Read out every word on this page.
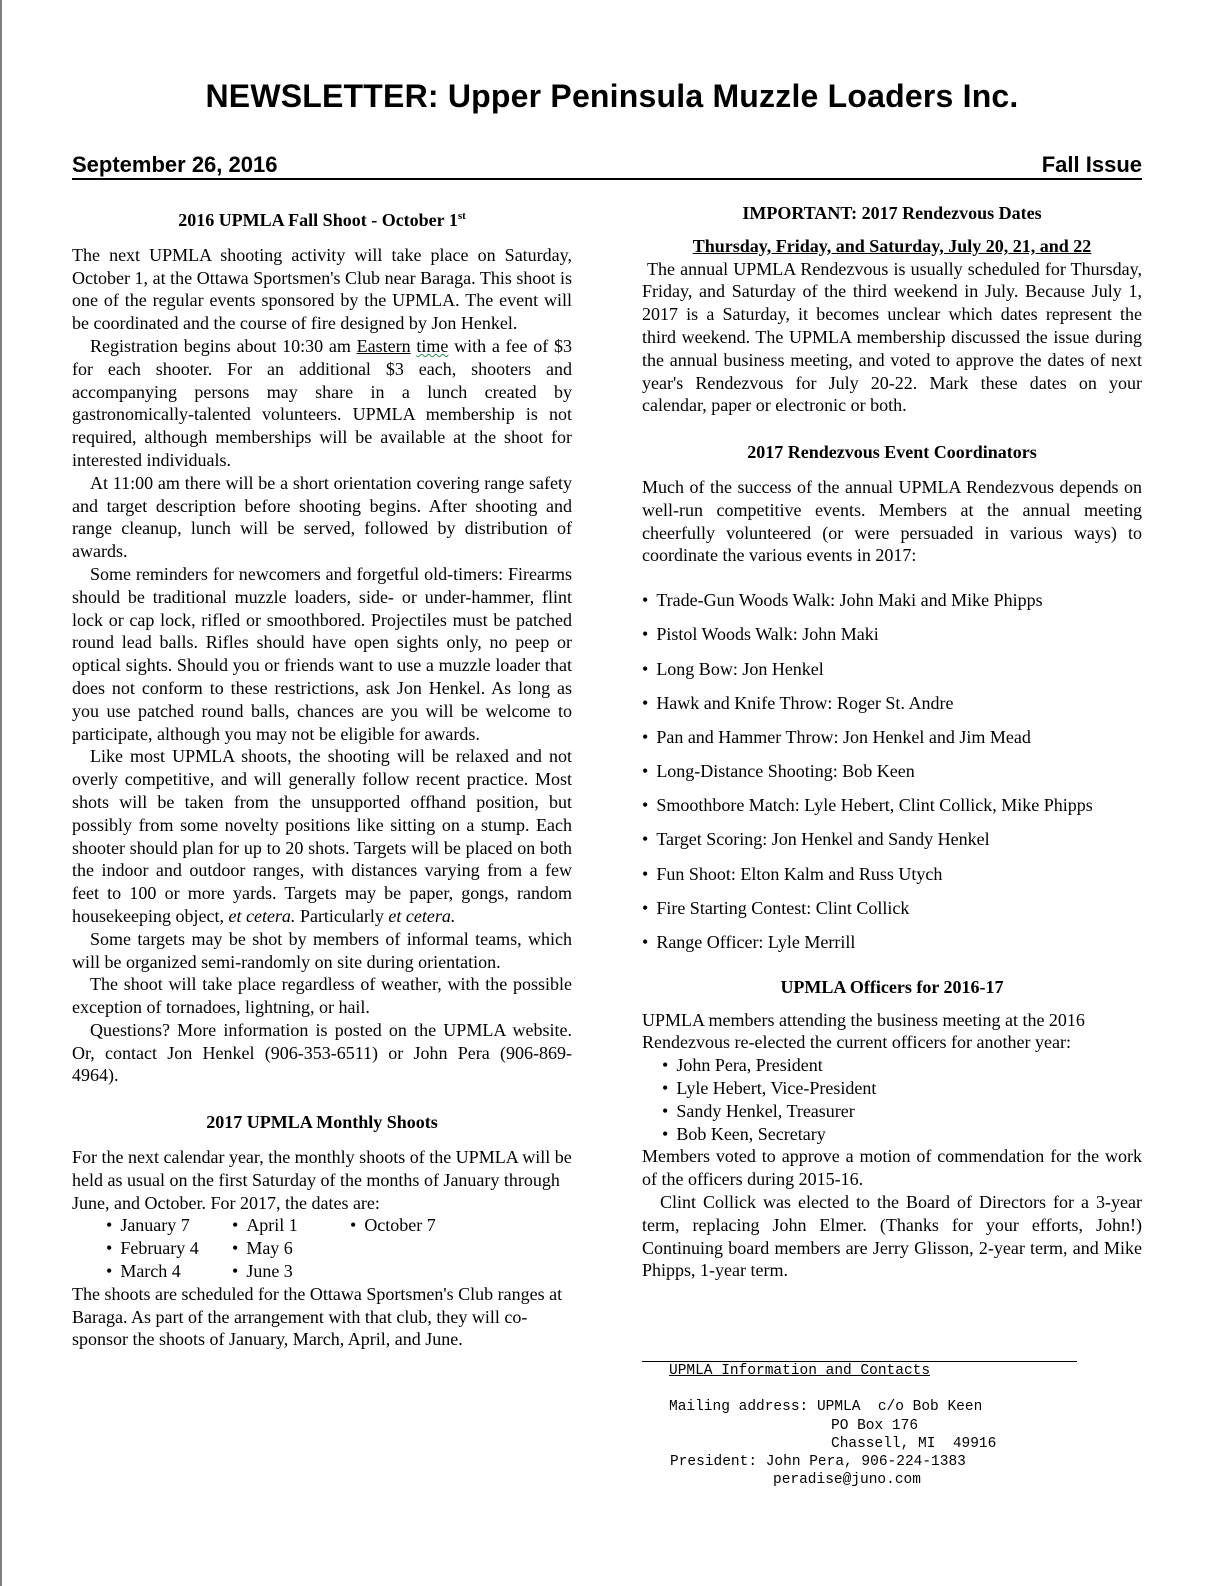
NEWSLETTER: Upper Peninsula Muzzle Loaders Inc.
September 26, 2016	Fall Issue
2016 UPMLA Fall Shoot - October 1st

The next UPMLA shooting activity will take place on Saturday, October 1, at the Ottawa Sportsmen's Club near Baraga. This shoot is one of the regular events sponsored by the UPMLA. The event will be coordinated and the course of fire designed by Jon Henkel.

Registration begins about 10:30 am Eastern time with a fee of $3 for each shooter. For an additional $3 each, shooters and accompanying persons may share in a lunch created by gastronomically-talented volunteers. UPMLA membership is not required, although memberships will be available at the shoot for interested individuals.

At 11:00 am there will be a short orientation covering range safety and target description before shooting begins. After shooting and range cleanup, lunch will be served, followed by distribution of awards.

Some reminders for newcomers and forgetful old-timers: Firearms should be traditional muzzle loaders, side- or under-hammer, flint lock or cap lock, rifled or smoothbored. Projectiles must be patched round lead balls. Rifles should have open sights only, no peep or optical sights. Should you or friends want to use a muzzle loader that does not conform to these restrictions, ask Jon Henkel. As long as you use patched round balls, chances are you will be welcome to participate, although you may not be eligible for awards.

Like most UPMLA shoots, the shooting will be relaxed and not overly competitive, and will generally follow recent practice. Most shots will be taken from the unsupported offhand position, but possibly from some novelty positions like sitting on a stump. Each shooter should plan for up to 20 shots. Targets will be placed on both the indoor and outdoor ranges, with distances varying from a few feet to 100 or more yards. Targets may be paper, gongs, random housekeeping object, et cetera. Particularly et cetera.

Some targets may be shot by members of informal teams, which will be organized semi-randomly on site during orientation.

The shoot will take place regardless of weather, with the possible exception of tornadoes, lightning, or hail.

Questions? More information is posted on the UPMLA website. Or, contact Jon Henkel (906-353-6511) or John Pera (906-869-4964).

2017 UPMLA Monthly Shoots

For the next calendar year, the monthly shoots of the UPMLA will be held as usual on the first Saturday of the months of January through June, and October. For 2017, the dates are:

• January 7	• April 1	• October 7
• February 4	• May 6
• March 4	• June 3

The shoots are scheduled for the Ottawa Sportsmen's Club ranges at Baraga. As part of the arrangement with that club, they will co-sponsor the shoots of January, March, April, and June.

IMPORTANT: 2017 Rendezvous Dates
Thursday, Friday, and Saturday, July 20, 21, and 22

The annual UPMLA Rendezvous is usually scheduled for Thursday, Friday, and Saturday of the third weekend in July. Because July 1, 2017 is a Saturday, it becomes unclear which dates represent the third weekend. The UPMLA membership discussed the issue during the annual business meeting, and voted to approve the dates of next year's Rendezvous for July 20-22. Mark these dates on your calendar, paper or electronic or both.

2017 Rendezvous Event Coordinators

Much of the success of the annual UPMLA Rendezvous depends on well-run competitive events. Members at the annual meeting cheerfully volunteered (or were persuaded in various ways) to coordinate the various events in 2017:

• Trade-Gun Woods Walk: John Maki and Mike Phipps
• Pistol Woods Walk: John Maki
• Long Bow: Jon Henkel
• Hawk and Knife Throw: Roger St. Andre
• Pan and Hammer Throw: Jon Henkel and Jim Mead
• Long-Distance Shooting: Bob Keen
• Smoothbore Match: Lyle Hebert, Clint Collick, Mike Phipps
• Target Scoring: Jon Henkel and Sandy Henkel
• Fun Shoot: Elton Kalm and Russ Utych
• Fire Starting Contest: Clint Collick
• Range Officer: Lyle Merrill
UPMLA Officers for 2016-17

UPMLA members attending the business meeting at the 2016 Rendezvous re-elected the current officers for another year:

• John Pera, President
• Lyle Hebert, Vice-President
• Sandy Henkel, Treasurer
• Bob Keen, Secretary

Members voted to approve a motion of commendation for the work of the officers during 2015-16.

Clint Collick was elected to the Board of Directors for a 3-year term, replacing John Elmer. (Thanks for your efforts, John!) Continuing board members are Jerry Glisson, 2-year term, and Mike Phipps, 1-year term.

UPMLA Information and Contacts
Mailing address: UPMLA  c/o Bob Keen
PO Box 176
Chassell, MI  49916
President: John Pera, 906-224-1383
peradise@juno.com
